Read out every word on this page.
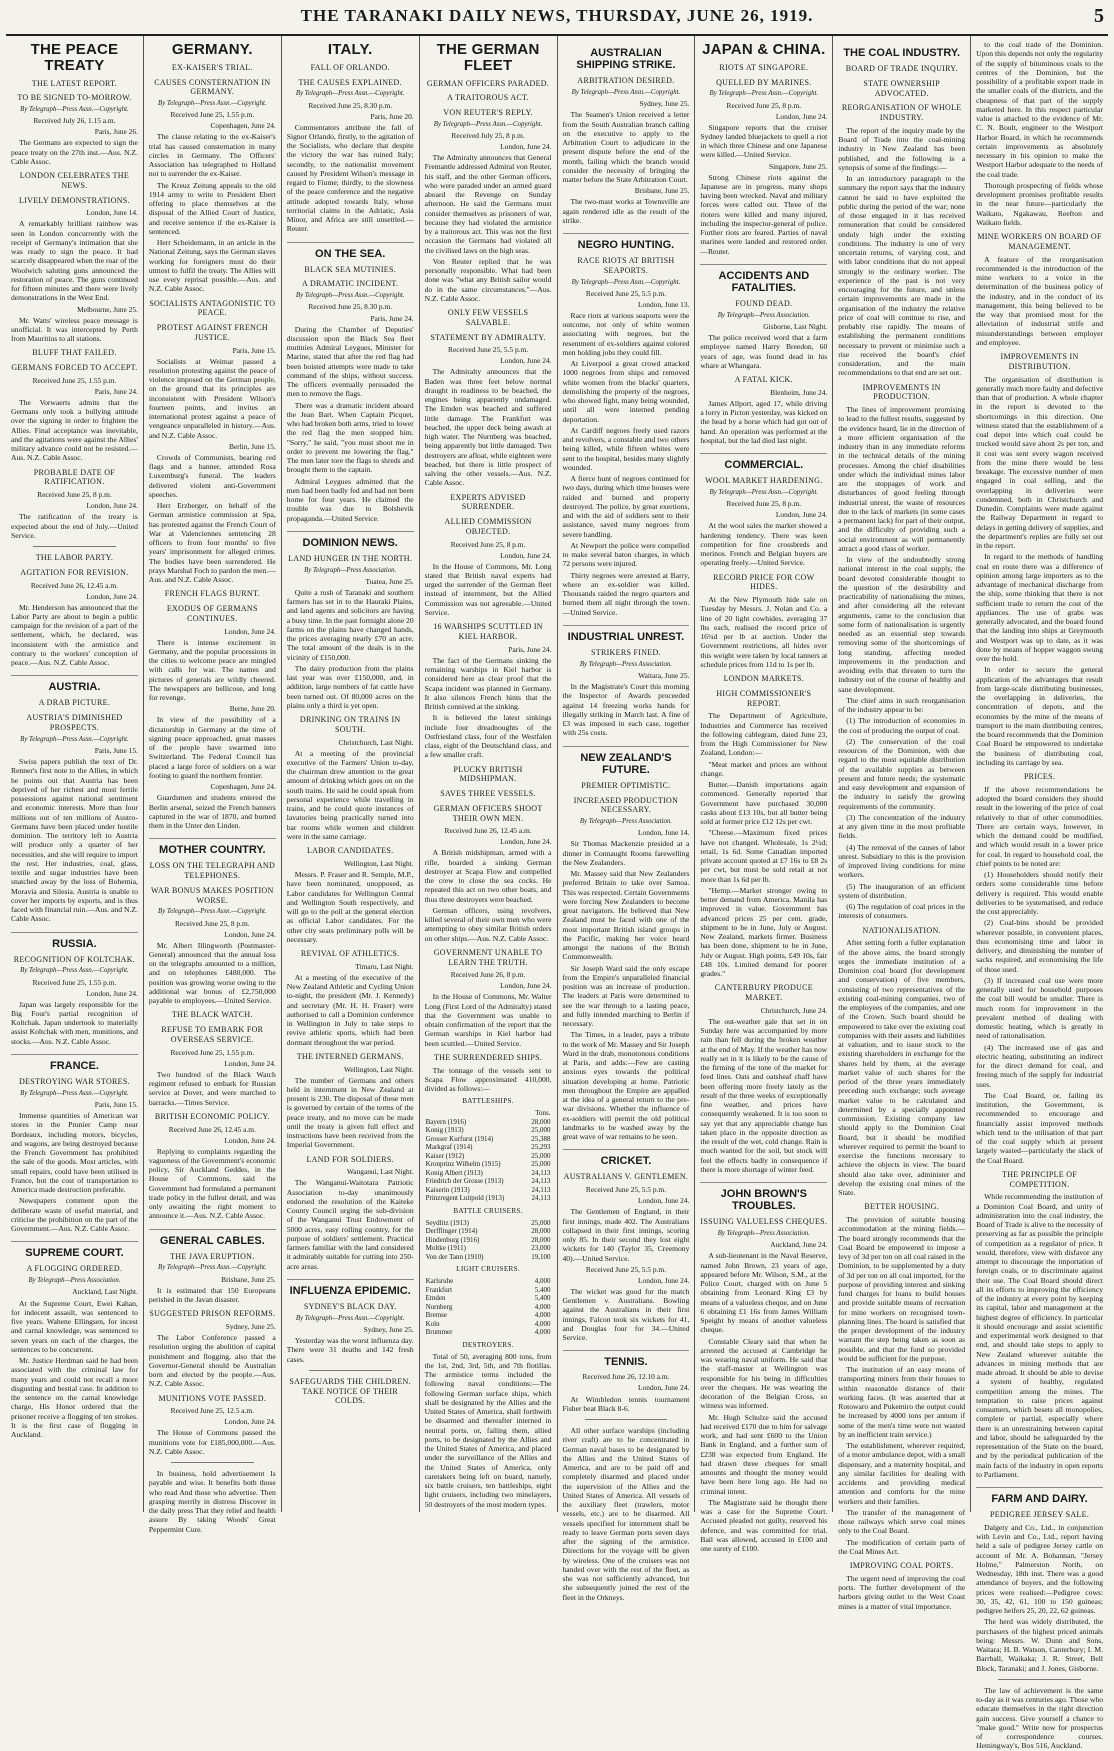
THE TARANAKI DAILY NEWS, THURSDAY, JUNE 26, 1919.	5
THE PEACE TREATY
THE LATEST REPORT.
TO BE SIGNED TO-MORROW.
By Telegraph—Press Assn.—Copyright.
Received July 26, 1.15 a.m.
Paris, June 26.

The Germans are expected to sign the peace treaty on the 27th inst.—Aus. N.Z. Cable Assoc.

LONDON CELEBRATES THE NEWS.
LIVELY DEMONSTRATIONS.
London, June 14.

A remarkably brilliant rainbow was seen in London concurrently with the receipt of Germany's intimation that she was ready to sign the peace. It had scarcely disappeared when the roar of the Woolwich saluting guns announced the restoration of peace. The guns continued for fifteen minutes and there were lively demonstrations in the West End.

Melbourne, June 25.

Mr. Watts' wireless peace message is unofficial. It was intercepted by Perth from Mauritius to all stations.

BLUFF THAT FAILED.
GERMANS FORCED TO ACCEPT.
Received June 25, 1.55 p.m.
Paris, June 24.

The Vorwaerts admits that the Germans only took a bullying attitude over the signing in order to frighten the Allies. Final acceptance was inevitable, and the agitations were against the Allies' military advance could not be resisted.—Aus. N.Z. Cable Assoc.

PROBABLE DATE OF RATIFICATION.
Received June 25, 8 p.m.
London, June 24.

The ratification of the treaty is expected about the end of July.—United Service.

THE LABOR PARTY.
AGITATION FOR REVISION.
Received June 26, 12.45 a.m.
London, June 24.

Mr. Henderson has announced that the Labor Party are about to begin a public campaign for the revision of a part of the settlement, which, he declared, was inconsistent with the armistice and contrary to the workers' conception of peace.—Aus. N.Z. Cable Assoc.

AUSTRIA.
A DRAB PICTURE.
AUSTRIA'S DIMINISHED PROSPECTS.
By Telegraph—Press Assn.—Copyright.
Paris, June 15.

Swiss papers publish the text of Dr. Renner's first note to the Allies, in which he points out that Austria has been deprived of her richest and most fertile possessions against national sentiment and economic interests. More than four millions out of ten millions of Austro-Germans have been placed under hostile dominion. The territory left to Austria will produce only a quarter of her necessities, and she will require to import the rest. Her industries, coal, glass, textile and sugar industries have been snatched away by the loss of Bohemia, Moravia and Silesia. Austria is unable to cover her imports by exports, and is thus faced with financial ruin.—Aus. and N.Z. Cable Assoc.

RUSSIA.
RECOGNITION OF KOLTCHAK.
By Telegraph—Press Assn.—Copyright.
Received June 25, 1.55 p.m.
London, June 24.

Japan was largely responsible for the Big Four's partial recognition of Koltchak. Japan undertook to materially assist Koltchak with men, munitions, and stocks.—Aus. N.Z. Cable Assoc.

FRANCE.
DESTROYING WAR STORES.
By Telegraph—Press Assn.—Copyright.
Paris, June 15.

Immense quantities of American war stores in the Prunier Camp near Bordeaux, including motors, bicycles, and wagons, are being destroyed because the French Government has prohibited the sale of the goods. Most articles, with small repairs, could have been utilised in France, but the cost of transportation to America made destruction preferable.

Newspapers comment upon the deliberate waste of useful material, and criticise the prohibition on the part of the Government.—Aus. N.Z. Cable Assoc.

SUPREME COURT.
A FLOGGING ORDERED.
By Telegraph—Press Association.
Auckland, Last Night.

At the Supreme Court, Ewei Kahan, for indecent assault, was sentenced to five years. Wahene Ellingsen, for incest and carnal knowledge, was sentenced to seven years on each of the charges, the sentences to be concurrent.

Mr. Justice Herdman said he had been associated with the criminal law for many years and could not recall a more disgusting and bestial case. In addition to the sentence on the carnal knowledge charge, His Honor ordered that the prisoner receive a flogging of ten strokes. It is the first case of flogging in Auckland.

GERMANY.
EX-KAISER'S TRIAL.
CAUSES CONSTERNATION IN GERMANY.
By Telegraph—Press Assn.—Copyright.
Received June 25, 1.55 p.m.
Copenhagen, June 24.

The clause relating to the ex-Kaiser's trial has caused consternation in many circles in Germany. The Officers' Association has telegraphed to Holland not to surrender the ex-Kaiser.

The Kreuz Zeitung appeals to the old 1914 army to write to President Ebert offering to place themselves at the disposal of the Allied Court of Justice, and receive sentence if the ex-Kaiser is sentenced.

Herr Scheidemann, in an article in the National Zeitung, says the German slaves working for foreigners must do their utmost to fulfil the treaty. The Allies will use every reprisal possible.—Aus. and N.Z. Cable Assoc.

SOCIALISTS ANTAGONISTIC TO PEACE.
PROTEST AGAINST FRENCH JUSTICE.
Paris, June 15.

Socialists at Weimar passed a resolution protesting against the peace of violence imposed on the German people, on the ground that its principles are inconsistent with President Wilson's fourteen points, and invites an international protest against a peace of vengeance unparalleled in history.—Aus. and N.Z. Cable Assoc.

Berlin, June 15.

Crowds of Communists, bearing red flags and a banner, attended Rosa Luxemburg's funeral. The leaders delivered violent anti-Government speeches.

Herr Erzberger, on behalf of the German armistice commission at Spa, has protested against the French Court of War at Valenciennes sentencing 28 officers to from four months' to five years' imprisonment for alleged crimes. The bodies have been surrendered. He prays Marshal Foch to pardon the men.—Aus. and N.Z. Cable Assoc.

FRENCH FLAGS BURNT.
EXODUS OF GERMANS CONTINUES.
London, June 24.

There is intense excitement in Germany, and the popular processions in the cities to welcome peace are mingled with calls for war. The names and pictures of generals are wildly cheered. The newspapers are bellicose, and long for revenge.

Berne, June 20.

In view of the possibility of a dictatorship in Germany at the time of signing peace approached, great masses of the people have swarmed into Switzerland. The Federal Council has placed a large force of soldiers on a war footing to guard the northern frontier.

Copenhagen, June 24.

Guardsmen and students entered the Berlin arsenal, seized the French banners captured in the war of 1870, and burned them in the Unter den Linden.

MOTHER COUNTRY.
LOSS ON THE TELEGRAPH AND TELEPHONES.
WAR BONUS MAKES POSITION WORSE.
By Telegraph—Press Assn.—Copyright.
Received June 25, 8 p.m.
London, June 24.

Mr. Albert Illingworth (Postmaster-General) announced that the annual loss on the telegraphs amounted to a million, and on telephones £480,000. The position was growing worse owing to the additional war bonus of £2,750,000 payable to employees.—United Service.

THE BLACK WATCH.
REFUSE TO EMBARK FOR OVERSEAS SERVICE.
Received June 25, 1.55 p.m.
London, June 24.

Two hundred of the Black Watch regiment refused to embark for Russian service at Dover, and were marched to barracks.—Times Service.

BRITISH ECONOMIC POLICY.
Received June 26, 12.45 a.m.
London, June 24.

Replying to complaints regarding the vagueness of the Government's economic policy, Sir Auckland Geddes, in the House of Commons, said the Government had formulated a permanent trade policy in the fullest detail, and was only awaiting the right moment to announce it.—Aus. N.Z. Cable Assoc.

GENERAL CABLES.
THE JAVA ERUPTION.
By Telegraph—Press Assn.—Copyright.
Brisbane, June 25.

It is estimated that 150 Europeans perished in the Javan disaster.

SUGGESTED PRISON REFORMS.
Sydney, June 25.

The Labor Conference passed a resolution urging the abolition of capital punishment and flogging, also that the Governor-General should be Australian born and elected by the people.—Aus. N.Z. Cable Assoc.

MUNITIONS VOTE PASSED.
Received June 25, 12.5 a.m.
London, June 24.

The House of Commons passed the munitions vote for £185,000,000.—Aus. N.Z. Cable Assoc.

In business, hold advertisement Is payable and wise. It benefits both those who read And those who advertise. Then grasping merrily in distress Discover in the daily press That they relief and health assure By taking Woods' Great Peppermint Cure.

ITALY.
FALL OF ORLANDO.
THE CAUSES EXPLAINED.
By Telegraph—Press Assn.—Copyright.
Received June 25, 8.30 p.m.
Paris, June 20.

Commentators attribute the fall of Signor Orlando, firstly, to the agitation of the Socialists, who declare that despite the victory the war has ruined Italy; secondly, to the nationalist movement caused by President Wilson's message in regard to Fiume; thirdly, to the slowness of the peace conference and the negative attitude adopted towards Italy, whose territorial claims in the Adriatic, Asia Minor, and Africa are still unsettled.—Reuter.

ON THE SEA.
BLACK SEA MUTINIES.
A DRAMATIC INCIDENT.
By Telegraph—Press Assn.—Copyright.
Received June 25, 8.30 p.m.
Paris, June 24.

During the Chamber of Deputies' discussion upon the Black Sea fleet mutinies Admiral Leygues, Minister for Marine, stated that after the red flag had been hoisted attempts were made to take command of the ships, without success. The officers eventually persuaded the men to remove the flags.

There was a dramatic incident aboard the Jean Bart. When Captain Picquet, who had broken both arms, tried to lower the red flag the men stopped him. "Sorry," he said, "you must shoot me in order to prevent me lowering the flag." The men later tore the flags to shreds and brought them to the captain.

Admiral Leygues admitted that the men had been badly fed and had not been home for four years. He claimed the trouble was due to Bolshevik propaganda.—United Service.

DOMINION NEWS.
LAND HUNGER IN THE NORTH.
By Telegraph—Press Association.
Tuatea, June 25.

Quite a rush of Taranaki and southern farmers has set in to the Hauraki Plains, and land agents and solicitors are having a busy time. In the past fortnight alone 20 farms on the plains have changed hands, the prices averaging nearly £70 an acre. The total amount of the deals is in the vicinity of £150,000.

The dairy production from the plains last year was over £150,000, and, in addition, large numbers of fat cattle have been turned out. Of 80,000 acres on the plains only a third is yet open.

DRINKING ON TRAINS IN SOUTH.
Christchurch, Last Night.

At a meeting of the provincial executive of the Farmers' Union to-day, the chairman drew attention to the great amount of drinking which goes on on the south trains. He said he could speak from personal experience while travelling in trains, and he could quote instances of lavatories being practically turned into bar rooms while women and children were in the same carriage.

LABOR CANDIDATES.
Wellington, Last Night.

Messrs. P. Fraser and R. Semple, M.P., have been nominated, unopposed, as Labor candidates for Wellington Central and Wellington South respectively, and will go to the poll at the general election as official Labor candidates. For the other city seats preliminary polls will be necessary.

REVIVAL OF ATHLETICS.
Timaru, Last Night.

At a meeting of the executive of the New Zealand Athletic and Cycling Union to-night, the president (Mr. J. Kennedy) and secretary (Mr. H. H. Fraser) were authorised to call a Dominion conference in Wellington in July to take steps to revive athletic sports, which had been dormant throughout the war period.

THE INTERNED GERMANS.
Wellington, Last Night.

The number of Germans and others held in internment in New Zealand at present is 230. The disposal of these men is governed by certain of the terms of the peace treaty, and no move can be made until the treaty is given full effect and instructions have been received from the Imperial Government.

LAND FOR SOLDIERS.
Wanganui, Last Night.

The Wanganui-Waitotara Patriotic Association to-day unanimously endorsed the resolution of the Kaiteke County Council urging the sub-division of the Wanganui Trust Endowment of 5000 acres, easy rolling country, for the purpose of soldiers' settlement. Practical farmers familiar with the land considered it admirably suitable for cutting into 250-acre areas.

INFLUENZA EPIDEMIC.
SYDNEY'S BLACK DAY.
By Telegraph—Press Assn.—Copyright.
Sydney, June 25.

Yesterday was the worst influenza day. There were 31 deaths and 142 fresh cases.

SAFEGUARDS THE CHILDREN. TAKE NOTICE OF THEIR COLDS.
THE GERMAN FLEET
GERMAN OFFICERS PARADED.
A TRAITOROUS ACT.
VON REUTER'S REPLY.
By Telegraph—Press Assn.—Copyright.
Received July 25, 8 p.m.
London, June 24.

The Admiralty announces that General Fremantle addressed Admiral von Reuter, his staff, and the other German officers, who were paraded under an armed guard aboard the Revenge on Sunday afternoon. He said the Germans must consider themselves as prisoners of war, because they had violated the armistice by a traitorous act. This was not the first occasion the Germans had violated all the civilised laws on the high seas.

Von Reuter replied that he was personally responsible. What had been done was "what any British sailor would do in the same circumstances."—Aus. N.Z. Cable Assoc.

ONLY FEW VESSELS SALVABLE.
STATEMENT BY ADMIRALTY.
Received June 25, 5.5 p.m.
London, June 24.

The Admiralty announces that the Baden was three feet below normal draught in readiness to be beached, the engines being apparently undamaged. The Emden was beached and suffered little damage. The Frankfurt was beached, the upper deck being awash at high water. The Nurnberg was beached, being apparently but little damaged. Two destroyers are afloat, while eighteen were beached, but there is little prospect of salving the other vessels.—Aus. N.Z. Cable Assoc.

EXPERTS ADVISED SURRENDER.
ALLIED COMMISSION OBJECTED.
Received June 25, 8 p.m.
London, June 24.

In the House of Commons, Mr. Long stated that British naval experts had urged the surrender of the German fleet instead of internment, but the Allied Commission was not agreeable.—United Service.

16 WARSHIPS SCUTTLED IN KIEL HARBOR.
Paris, June 24.

The fact of the Germans sinking the remaining warships in Kiel harbor is considered here as clear proof that the Scapa incident was planned in Germany. It also silences French hints that the British connived at the sinking.

It is believed the latest sinkings include four dreadnoughts of the Ostfriesland class, four of the Westfalen class, eight of the Deutschland class, and a few smaller craft.

PLUCKY BRITISH MIDSHIPMAN.
SAVES THREE VESSELS.
GERMAN OFFICERS SHOOT THEIR OWN MEN.
Received June 26, 12.45 a.m.
London, June 24.

A British midshipman, armed with a rifle, boarded a sinking German destroyer at Scapa Flow and compelled the crew to close the sea cocks. He repeated this act on two other boats, and thus three destroyers were beached.

German officers, using revolvers, killed several of their own men who were attempting to obey similar British orders on other ships.—Aus. N.Z. Cable Assoc.

GOVERNMENT UNABLE TO LEARN THE TRUTH.
Received June 26, 8 p.m.
London, June 24.

In the House of Commons, Mr. Walter Long (First Lord of the Admiralty) stated that the Government was unable to obtain confirmation of the report that the German warships in Kiel harbor had been scuttled.—United Service.

THE SURRENDERED SHIPS.

The tonnage of the vessels sent to Scapa Flow approximated 410,000, divided as follows:—

BATTLESHIPS.
	Tons.
Bayern (1916)	28,000
Konig (1913)	25,000
Grosser Kurfurst (1914)	25,388
Markgraf (1914)	25,293
Kaiser (1912)	25,000
Kronprinz Wilhelm (1915)	25,000
Konig Albert (1913)	24,113
Friedrich der Grosse (1913)	24,113
Kaiserin (1913)	24,113
Prinzregent Luitpold (1913)	24,113
BATTLE CRUISERS.
Seydlitz (1913)	25,000
Derfflinger (1914)	28,000
Hindenburg (1916)	28,000
Moltke (1911)	23,000
Von der Tann (1910)	19,100
LIGHT CRUISERS.
Karlsruhe	4,000
Frankfurt	5,400
Emden	5,400
Nurnberg	4,000
Bremse	4,000
Koln	4,000
Brummer	4,000
DESTROYERS.

Total of 50, averaging 800 tons, from the 1st, 2nd, 3rd, 5th, and 7th flotillas. The armistice terms included the following naval conditions:—The following German surface ships, which shall be designated by the Allies and the United States of America, shall forthwith be disarmed and thereafter interned in neutral ports, or, failing them, allied ports, to be designated by the Allies and the United States of America, and placed under the surveillance of the Allies and the United States of America, only caretakers being left on board, namely, six battle cruisers, ten battleships, eight light cruisers, including two minelayers, 50 destroyers of the most modern types.

AUSTRALIAN SHIPPING STRIKE.
ARBITRATION DESIRED.
By Telegraph—Press Assn.—Copyright.
Sydney, June 25.

The Seamen's Union received a letter from the South Australian branch calling on the executive to apply to the Arbitration Court to adjudicate in the present dispute before the end of the month, failing which the branch would consider the necessity of bringing the matter before the State Arbitration Court.

Brisbane, June 25.

The two-mast works at Townsville are again rendered idle as the result of the strike.

NEGRO HUNTING.
RACE RIOTS AT BRITISH SEAPORTS.
By Telegraph—Press Assn.—Copyright.
Received June 25, 5.5 p.m.
London, June 13.

Race riots at various seaports were the outcome, not only of white women associating with negroes, but the resentment of ex-soldiers against colored men holding jobs they could fill.

At Liverpool a great crowd attacked 1000 negroes from ships and removed white women from the blacks' quarters, demolishing the property of the negroes, who showed fight, many being wounded, until all were interned pending deportation.

At Cardiff negroes freely used razors and revolvers, a constable and two others being killed, while fifteen whites were sent to the hospital, besides many slightly wounded.

A fierce hunt of negroes continued for two days, during which time houses were raided and burned and property destroyed. The police, by great exertions, and with the aid of soldiers sent to their assistance, saved many negroes from severe handling.

At Newport the police were compelled to make several baton charges, in which 72 persons were injured.

Thirty negroes were arrested at Barry, where an ex-soldier was killed. Thousands raided the negro quarters and burned them all night through the town.—United Service.

INDUSTRIAL UNREST.
STRIKERS FINED.
By Telegraph—Press Association.
Waitara, June 25.

In the Magistrate's Court this morning the Inspector of Awards proceeded against 14 freezing works hands for illegally striking in March last. A fine of £3 was imposed in each case, together with 25s costs.

NEW ZEALAND'S FUTURE.
PREMIER OPTIMISTIC.
INCREASED PRODUCTION NECESSARY.
By Telegraph—Press Association.
London, June 14.

Sir Thomas Mackenzie presided at a dinner in Connaught Rooms farewelling the New Zealanders.

Mr. Massey said that New Zealanders preferred Britain to take over Samoa. This was respected. Certain Governments were forcing New Zealanders to become great navigators. He believed that New Zealand must be faced with one of the most important British island groups in the Pacific, making her voice heard amongst the nations of the British Commonwealth.

Sir Joseph Ward said the only escape from the Empire's unparalleled financial position was an increase of production. The leaders at Paris were determined to see the war through to a lasting peace, and fully intended marching to Berlin if necessary.

The Times, in a leader, pays a tribute to the work of Mr. Massey and Sir Joseph Ward in the drab, monotonous conditions at Paris, and adds:—Few are casting anxious eyes towards the political situation developing at home. Patriotic men throughout the Empire are appalled at the idea of a general return to the pre-war divisions. Whether the influence of ex-soldiers will permit the old political landmarks to be washed away by the great wave of war remains to be seen.

CRICKET.
AUSTRALIANS V. GENTLEMEN.
Received June 25, 5.5 p.m.
London, June 24.

The Gentlemen of England, in their first innings, made 402. The Australians collapsed in their first innings, scoring only 85. In their second they lost eight wickets for 140 (Taylor 35, Creemony 40).—United Service.

Received June 25, 5.5 p.m.
London, June 24.

The wicket was good for the match Gentlemen v. Australians. Bowling against the Australians in their first innings, Falcon took six wickets for 41, and Douglas four for 34.—United Service.

TENNIS.
Received June 26, 12.10 a.m.
London, June 24.

At Wimbledon tennis tournament Fisher beat Black 8-6.

All other surface warships (including river craft) are to be concentrated in German naval bases to be designated by the Allies and the United States of America, and are to be paid off and completely disarmed and placed under the supervision of the Allies and the United States of America. All vessels of the auxiliary fleet (trawlers, motor vessels, etc.) are to be disarmed. All vessels specified for internment shall be ready to leave German ports seven days after the signing of the armistice. Directions for the voyage will be given by wireless. One of the cruisers was not handed over with the rest of the fleet, as she was not sufficiently advanced, but she subsequently joined the rest of the fleet in the Orkneys.

JAPAN & CHINA.
RIOTS AT SINGAPORE.
QUELLED BY MARINES.
By Telegraph—Press Assn.—Copyright.
Received June 25, 8 p.m.
London, June 24.

Singapore reports that the cruiser Sydney landed bluejackets to quell a riot in which three Chinese and one Japanese were killed.—United Service.

Singapore, June 25.

Strong Chinese riots against the Japanese are in progress, many shops having been wrecked. Naval and military forces were called out. Three of the rioters were killed and many injured, including the inspector-general of police. Further riots are feared. Parties of naval marines were landed and restored order.—Reuter.

ACCIDENTS AND FATALITIES.
FOUND DEAD.
By Telegraph—Press Association.
Gisborne, Last Night.

The police received word that a farm employee named Harry Breedon, 60 years of age, was found dead in his whare at Whangara.

A FATAL KICK.
Blenheim, June 24.

James Allport, aged 17, while driving a lorry in Picton yesterday, was kicked on the head by a horse which had got out of hand. An operation was performed at the hospital, but the lad died last night.

COMMERCIAL.
WOOL MARKET HARDENING.
By Telegraph—Press Assn.—Copyright.
Received June 25, 8 p.m.
London, June 24.

At the wool sales the market showed a hardening tendency. There was keen competition for fine crossbreds and merinos. French and Belgian buyers are operating freely.—United Service.

RECORD PRICE FOR COW HIDES.

At the New Plymouth hide sale on Tuesday by Messrs. J. Nolan and Co. a line of 20 light cowhides, averaging 37 lbs each, realised the record price of 16¼d per lb at auction. Under the Government restrictions, all hides over this weight were taken by local tanners at schedule prices from 11d to 1s per lb.

LONDON MARKETS.
HIGH COMMISSIONER'S REPORT.

The Department of Agriculture, Industries and Commerce has received the following cablegram, dated June 23, from the High Commissioner for New Zealand, London:—

"Meat market and prices are without change.

Butter.—Danish importations again commenced. Generally reported that Government have purchased 30,000 casks about £13 10s, but all butter being sold at former price £12 12s per cwt.

"Cheese.—Maximum fixed prices have not changed. Wholesale, 1s 2½d; retail, 1s 6d. Some Canadian imported private account quoted at £7 16s to £8 2s per cwt, but must be sold retail at not more than 1s 6d per lb.

"Hemp.—Market stronger owing to better demand from America. Manila has improved in value. Government has advanced prices 25 per cent. grade, shipment to be in June, July or August. New Zealand, markets firmer. Business has been done, shipment to be in June, July or August. High points, £49 10s, fair £48 10s. Limited demand for poorer grades."

CANTERBURY PRODUCE MARKET.
Christchurch, June 24.

The out-weather gale that set in on Sunday here was accompanied by more rain than fell during the broken weather at the end of May. If the weather has now really set in it is likely to be the cause of the firming of the tone of the market for feed lines. Oats and oatsheaf chaff have been offering more freely lately as the result of the three weeks of exceptionally fine weather, and prices have consequently weakened. It is too soon to say yet that any appreciable change has taken place in the opposite direction as the result of the wet, cold change. Rain is much wanted for the soil, but stock will feel the effects badly in consequence if there is more shortage of winter feed.

JOHN BROWN'S TROUBLES.
ISSUING VALUELESS CHEQUES.
By Telegraph—Press Association.
Auckland, June 24.

A sub-lieutenant in the Naval Reserve, named John Brown, 23 years of age, appeared before Mr. Wilson, S.M., at the Police Court, charged with on June 5 obtaining from Leonard King £3 by means of a valueless cheque, and on June 6 obtaining £1 16s from James William Speight by means of another valueless cheque.

Constable Cleary said that when he arrested the accused at Cambridge he was wearing naval uniform. He said that the staff-master at Wellington was responsible for his being in difficulties over the cheques. He was wearing the decoration of the Belgian Cross, so witness was informed.

Mr. Hugh Schulze said the accused had received £170 due to him for salvage work, and had sent £600 to the Union Bank in England, and a further sum of £238 was expected from England. He had drawn three cheques for small amounts and thought the money would have been here long ago. He had no criminal intent.

The Magistrate said he thought there was a case for the Supreme Court. Accused pleaded not guilty, reserved his defence, and was committed for trial. Bail was allowed, accused in £100 and one surety of £100.

THE COAL INDUSTRY.
BOARD OF TRADE INQUIRY.
STATE OWNERSHIP ADVOCATED.
REORGANISATION OF WHOLE INDUSTRY.

The report of the inquiry made by the Board of Trade into the coal-mining industry in New Zealand has been published, and the following is a synopsis of some of the findings:—

In an introductory paragraph to the summary the report says that the industry cannot be said to have exploited the public during the period of the war; none of those engaged in it has received remuneration that could be considered unduly high under the existing conditions. The industry is one of very uncertain returns, of varying cost, and with labor conditions that do not appeal strongly to the ordinary worker. The experience of the past is not very encouraging for the future, and unless certain improvements are made in the organisation of the industry the relative price of coal will continue to rise, and probably rise rapidly. The means of establishing the permanent conditions necessary to prevent or minimise such a rise received the board's chief consideration, and the main recommendations to that end are set out.

IMPROVEMENTS IN PRODUCTION.

The lines of improvement promising to lead to the fullest results, suggested by the evidence heard, lie in the direction of a more efficient organisation of the industry than in any immediate reforms in the technical details of the mining processes. Among the chief disabilities under which the individual mines labor are the stoppages of work and disturbances of good feeling through industrial unrest, the waste of resources due to the lack of markets (in some cases a permanent lack) for part of their output, and the difficulty of providing such a social environment as will permanently attract a good class of worker.

In view of the undoubtedly strong national interest in the coal supply, the board devoted considerable thought to the question of the desirability and practicability of nationalising the mines, and after considering all the relevant arguments, came to the conclusion that some form of nationalisation is urgently needed as an essential step towards removing some of the shortcomings of long standing, affecting needed improvements in the production and avoiding evils that threaten to turn the industry out of the course of healthy and sane development.

The chief aims in such reorganisation of the industry appear to be:

(1) The introduction of economies in the cost of producing the output of coal.

(2) The conservation of the coal resources of the Dominion, with due regard to the most equitable distribution of the available supplies as between present and future needs; the systematic and easy development and expansion of the industry to satisfy the growing requirements of the community.

(3) The concentration of the industry at any given time in the most profitable fields.

(4) The removal of the causes of labor unrest. Subsidiary to this is the provision of improved living conditions for mine workers.

(5) The inauguration of an efficient system of distribution.

(6) The regulation of coal prices in the interests of consumers.

NATIONALISATION.

After setting forth a fuller explanation of the above aims, the board strongly urges the immediate institution of a Dominion coal board (for development and conservation) of five members, consisting of two representatives of the existing coal-mining companies, two of the employees of the companies, and one of the Crown. Such board should be empowered to take over the existing coal companies with their assets and liabilities at valuation, and to issue stock to the existing shareholders in exchange for the shares held by them, at the average market value of such shares for the period of the three years immediately preceding such exchange; such average market value to be calculated and determined by a specially appointed commission. Existing company law should apply to the Dominion Coal Board, but it should be modified wherever required to permit the board to exercise the functions necessary to achieve the objects in view. The board should also take over, administer and develop the existing coal mines of the State.

BETTER HOUSING.

The provision of suitable housing accommodation at the mining fields.—The board strongly recommends that the Coal Board be empowered to impose a levy of 3d per ton on all coal raised in the Dominion, to be supplemented by a duty of 3d per ton on all coal imported, for the purpose of providing interest and sinking fund charges for loans to build houses and provide suitable means of recreation for mine workers on recognised town-planning lines. The board is satisfied that the proper development of the industry warrant the step being taken as soon as possible, and that the fund so provided would be sufficient for the purpose.

The institution of an easy means of transporting miners from their houses to within reasonable distance of their working faces. (It was asserted that at Rotowaro and Pukemiro the output could be increased by 4000 tons per annum if some of the men's time were not wasted by an inefficient train service.)

The establishment, wherever required, of a motor ambulance depot, with a small dispensary, and a maternity hospital, and any similar facilities for dealing with accidents and providing medical attention and comforts for the mine workers and their families.

The transfer of the management of those railways which serve coal mines only to the Coal Board.

The modification of certain parts of the Coal Mines Act.

IMPROVING COAL PORTS.

The urgent need of improving the coal ports. The further development of the harbors giving outlet to the West Coast mines is a matter of vital importance.

to the coal trade of the Dominion. Upon this depends not only the regularity of the supply of bituminous coals to the centres of the Dominion, but the possibility of a profitable export trade in the smaller coals of the districts, and the cheapness of that part of the supply marketed here. In this respect particular value is attached to the evidence of Mr. C. N. Boult, engineer to the Westport Harbor Board, in which he recommends certain improvements as absolutely necessary in his opinion to make the Westport Harbor adequate to the needs of the coal trade.

Thorough prospecting of fields whose development promises profitable results in the near future—particularly the Waikato, Ngakawau, Reefton and Waikato fields.

MINE WORKERS ON BOARD OF MANAGEMENT.

A feature of the reorganisation recommended is the introduction of the mine workers to a voice in the determination of the business policy of the industry, and in the conduct of its management, this being believed to be the way that promised most for the alleviation of industrial strife and misunderstandings between employer and employee.

IMPROVEMENTS IN DISTRIBUTION.

The organisation of distribution is generally much more faulty and defective than that of production. A whole chapter in the report is devoted to the shortcomings in this direction. One witness stated that the establishment of a coal depot into which coal could be trucked would save about 2s per ton, and it cost was sent every wagon received from the mine there would be less breakage. The excessive number of men engaged in coal selling, and the overlapping in deliveries were condemned, both in Christchurch and Dunedin. Complaints were made against the Railway Department in regard to delays in getting delivery of supplies, and the department's replies are fully set out in the report.

In regard to the methods of handling coal en route there was a difference of opinion among large importers as to the advantage of mechanical discharge from the ship, some thinking that there is not sufficient trade to return the cost of the appliances. The use of grabs was generally advocated, and the board found that the landing into ships at Greymouth and Westport was up to date, as it was done by means of hopper waggon swung over the hold.

In order to secure the general application of the advantages that result from large-scale distributing businesses, the overlapping in deliveries, the concentration of depots, and the economies by the mine of the means of transport to the main distributing centres, the board recommends that the Dominion Coal Board be empowered to undertake the business of distributing coal, including its carriage by sea.

PRICES.

If the above recommendations be adopted the board considers they should result in the lowering of the price of coal relatively to that of other commodities. There are certain ways, however, in which the demand could be modified, and which would result in a lower price for coal. In regard to household coal, the chief points to be noted are:

(1) Householders should notify their orders some considerable time before delivery is required. This would enable deliveries to be systematised, and reduce the cost appreciably.

(2) Coal-bins should be provided wherever possible, in convenient places, thus economising time and labor in delivery, and diminishing the number of sacks required, and economising the life of those used.

(3) If increased coal use were more generally used for household purposes the coal bill would be smaller. There is much room for improvement in the prevalent method of dealing with domestic heating, which is greatly in need of rationalisation.

(4) The increased use of gas and electric heating, substituting an indirect for the direct demand for coal, and freeing much of the supply for industrial uses.

The Coal Board, or, failing its institution, the Government, is recommended to encourage and financially assist improved methods which tend to the utilisation of that part of the coal supply which at present largely wasted—particularly the slack of the Coal Board.

THE PRINCIPLE OF COMPETITION.

While recommending the institution of a Dominion Coal Board, and unity of administration into the coal industry, the Board of Trade is alive to the necessity of preserving as far as possible the principle of competition as a regulator of price. It would, therefore, view with disfavor any attempt to discourage the importation of foreign coals, or to discriminate against their use. The Coal Board should direct all its efforts to improving the efficiency of the industry at every point by keeping its capital, labor and management at the highest degree of efficiency. In particular it should encourage and assist scientific and experimental work designed to that end, and should take steps to apply to New Zealand wherever suitable the advances in mining methods that are made abroad. It should be able to devise a system of healthy, regulated competition among the mines. The temptation to raise prices against consumers, which besets all monopolies, complete or partial, especially where there is an unrestraining between capital and labor, should be safeguarded by the representation of the State on the board, and by the periodical publication of the main facts of the industry in open reports to Parliament.

FARM AND DAIRY.
PEDIGREE JERSEY SALE.

Dalgety and Co., Ltd., in conjunction with Levin and Co., Ltd., report having held a sale of pedigree Jersey cattle on account of Mr. A. Bohannan, "Jersey Holme," Palmerston North, on Wednesday, 18th inst. There was a good attendance of buyers, and the following prices were realised:—Pedigree cows: 30, 35, 42, 61, 100 to 150 guineas; pedigree heifers 25, 20, 22, 62 guineas.

The herd was widely distributed, the purchasers of the highest priced animals being: Messrs. W. Dunn and Sons, Waitara; H. B. Watson, Canterbury; I. M. Barrball, Waikaka; J. R. Street, Bell Block, Taranaki; and J. Jones, Gisborne.

The law of achievement is the same to-day as it was centuries ago. Those who educate themselves in the right direction gain success. Give yourself a chance to "make good." Write now for prospectus of correspondence courses. Hemingway's, Box 516, Auckland.
